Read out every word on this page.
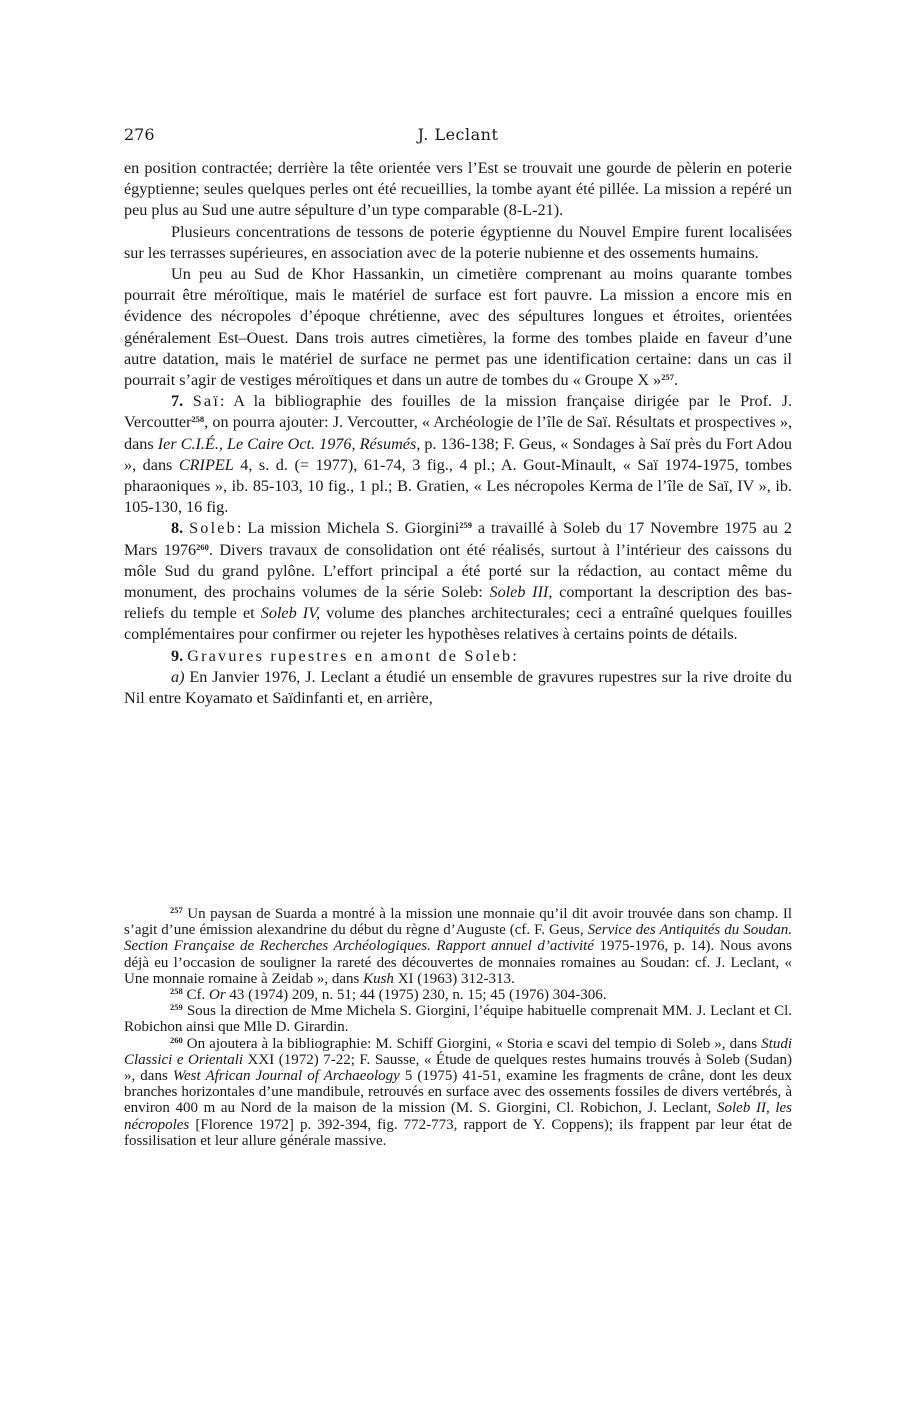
276	J. Leclant

en position contractée; derrière la tête orientée vers l’Est se trouvait une gourde de pèlerin en poterie égyptienne; seules quelques perles ont été recueillies, la tombe ayant été pillée. La mission a repéré un peu plus au Sud une autre sépulture d’un type comparable (8-L-21).

Plusieurs concentrations de tessons de poterie égyptienne du Nouvel Empire furent localisées sur les terrasses supérieures, en association avec de la poterie nubienne et des ossements humains.

Un peu au Sud de Khor Hassankin, un cimetière comprenant au moins quarante tombes pourrait être méroïtique, mais le matériel de surface est fort pauvre. La mission a encore mis en évidence des nécropoles d’époque chrétienne, avec des sépultures longues et étroites, orientées généralement Est–Ouest. Dans trois autres cimetières, la forme des tombes plaide en faveur d’une autre datation, mais le matériel de surface ne permet pas une identification certaine: dans un cas il pourrait s’agir de vestiges méroïtiques et dans un autre de tombes du « Groupe X »$^{257}$.

7. Saï: A la bibliographie des fouilles de la mission française dirigée par le Prof. J. Vercoutter$^{258}$, on pourra ajouter: J. Vercoutter, « Archéologie de l’île de Saï. Résultats et prospectives », dans Ier C.I.É., Le Caire Oct. 1976, Résumés, p. 136-138; F. Geus, « Sondages à Saï près du Fort Adou », dans CRIPEL 4, s. d. (= 1977), 61-74, 3 fig., 4 pl.; A. Gout-Minault, « Saï 1974-1975, tombes pharaoniques », ib. 85-103, 10 fig., 1 pl.; B. Gratien, « Les nécropoles Kerma de l’île de Saï, IV », ib. 105-130, 16 fig.

8. Soleb: La mission Michela S. Giorgini$^{259}$ a travaillé à Soleb du 17 Novembre 1975 au 2 Mars 1976$^{260}$. Divers travaux de consolidation ont été réalisés, surtout à l’intérieur des caissons du môle Sud du grand pylône. L’effort principal a été porté sur la rédaction, au contact même du monument, des prochains volumes de la série Soleb: Soleb III, comportant la description des bas-reliefs du temple et Soleb IV, volume des planches architecturales; ceci a entraîné quelques fouilles complémentaires pour confirmer ou rejeter les hypothèses relatives à certains points de détails.

9. Gravures rupestres en amont de Soleb:

a) En Janvier 1976, J. Leclant a étudié un ensemble de gravures rupestres sur la rive droite du Nil entre Koyamato et Saïdinfanti et, en arrière,

$^{257}$ Un paysan de Suarda a montré à la mission une monnaie qu’il dit avoir trouvée dans son champ. Il s’agit d’une émission alexandrine du début du règne d’Auguste (cf. F. Geus, Service des Antiquités du Soudan. Section Française de Recherches Archéologiques. Rapport annuel d’activité 1975-1976, p. 14). Nous avons déjà eu l’occasion de souligner la rareté des découvertes de monnaies romaines au Soudan: cf. J. Leclant, « Une monnaie romaine à Zeidab », dans Kush XI (1963) 312-313.

$^{258}$ Cf. Or 43 (1974) 209, n. 51; 44 (1975) 230, n. 15; 45 (1976) 304-306.

$^{259}$ Sous la direction de Mme Michela S. Giorgini, l’équipe habituelle comprenait MM. J. Leclant et Cl. Robichon ainsi que Mlle D. Girardin.

$^{260}$ On ajoutera à la bibliographie: M. Schiff Giorgini, « Storia e scavi del tempio di Soleb », dans Studi Classici e Orientali XXI (1972) 7-22; F. Sausse, « Étude de quelques restes humains trouvés à Soleb (Sudan) », dans West African Journal of Archaeology 5 (1975) 41-51, examine les fragments de crâne, dont les deux branches horizontales d’une mandibule, retrouvés en surface avec des ossements fossiles de divers vertébrés, à environ 400 m au Nord de la maison de la mission (M. S. Giorgini, Cl. Robichon, J. Leclant, Soleb II, les nécropoles [Florence 1972] p. 392-394, fig. 772-773, rapport de Y. Coppens); ils frappent par leur état de fossilisation et leur allure générale massive.
